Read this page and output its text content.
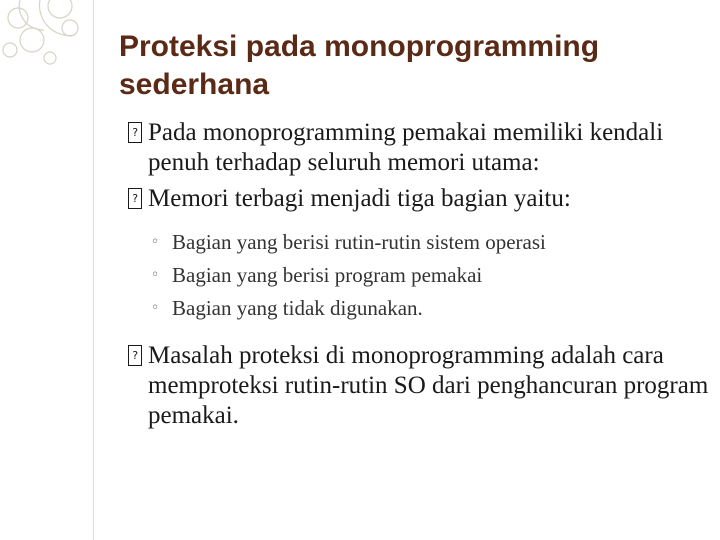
Proteksi pada monoprogramming
sederhana
? Pada monoprogramming pemakai memiliki kendali penuh terhadap seluruh memori utama:
? Memori terbagi menjadi tiga bagian yaitu:
◦ Bagian yang berisi rutin-rutin sistem operasi
◦ Bagian yang berisi program pemakai
◦ Bagian yang tidak digunakan.
? Masalah proteksi di monoprogramming adalah cara memproteksi rutin-rutin SO dari penghancuran program pemakai.
